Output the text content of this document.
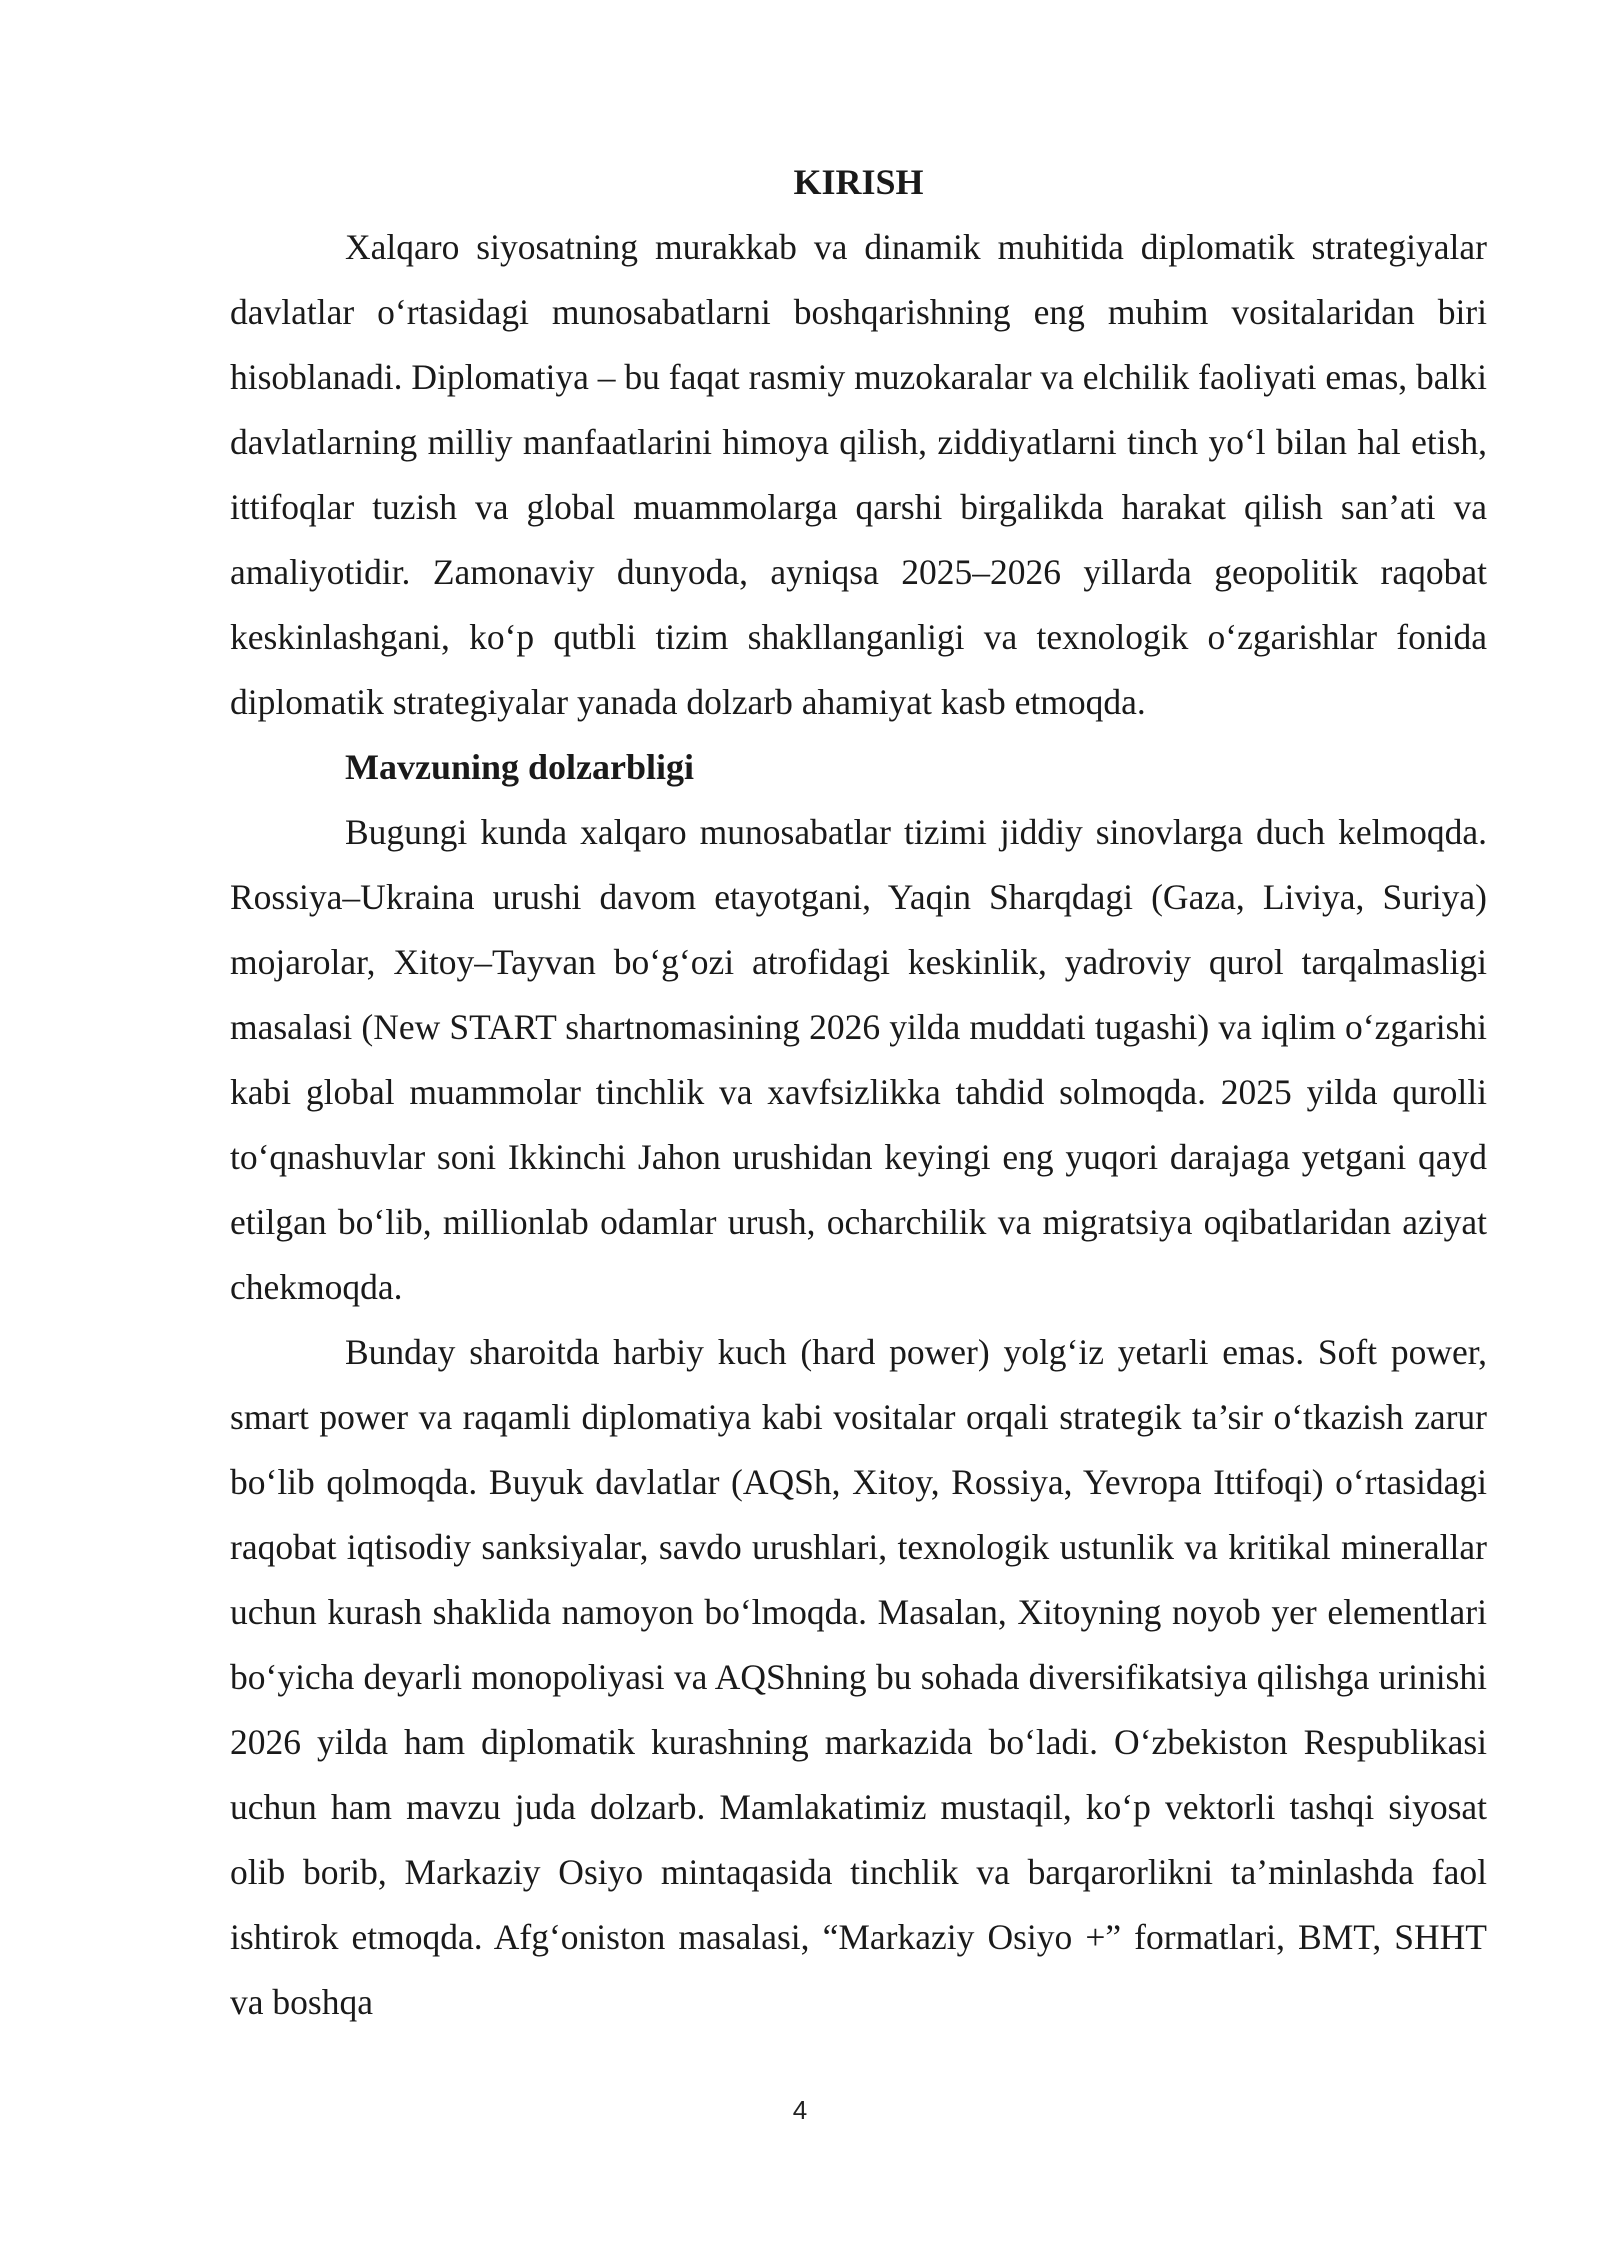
KIRISH

Xalqaro siyosatning murakkab va dinamik muhitida diplomatik strategiyalar davlatlar o‘rtasidagi munosabatlarni boshqarishning eng muhim vositalaridan biri hisoblanadi. Diplomatiya – bu faqat rasmiy muzokaralar va elchilik faoliyati emas, balki davlatlarning milliy manfaatlarini himoya qilish, ziddiyatlarni tinch yo‘l bilan hal etish, ittifoqlar tuzish va global muammolarga qarshi birgalikda harakat qilish san’ati va amaliyotidir. Zamonaviy dunyoda, ayniqsa 2025–2026 yillarda geopolitik raqobat keskinlashgani, ko‘p qutbli tizim shakllanganligi va texnologik o‘zgarishlar fonida diplomatik strategiyalar yanada dolzarb ahamiyat kasb etmoqda.

Mavzuning dolzarbligi

Bugungi kunda xalqaro munosabatlar tizimi jiddiy sinovlarga duch kelmoqda. Rossiya–Ukraina urushi davom etayotgani, Yaqin Sharqdagi (Gaza, Liviya, Suriya) mojarolar, Xitoy–Tayvan bo‘g‘ozi atrofidagi keskinlik, yadroviy qurol tarqalmasligi masalasi (New START shartnomasining 2026 yilda muddati tugashi) va iqlim o‘zgarishi kabi global muammolar tinchlik va xavfsizlikka tahdid solmoqda. 2025 yilda qurolli to‘qnashuvlar soni Ikkinchi Jahon urushidan keyingi eng yuqori darajaga yetgani qayd etilgan bo‘lib, millionlab odamlar urush, ocharchilik va migratsiya oqibatlaridan aziyat chekmoqda.

Bunday sharoitda harbiy kuch (hard power) yolg‘iz yetarli emas. Soft power, smart power va raqamli diplomatiya kabi vositalar orqali strategik ta’sir o‘tkazish zarur bo‘lib qolmoqda. Buyuk davlatlar (AQSh, Xitoy, Rossiya, Yevropa Ittifoqi) o‘rtasidagi raqobat iqtisodiy sanksiyalar, savdo urushlari, texnologik ustunlik va kritikal minerallar uchun kurash shaklida namoyon bo‘lmoqda. Masalan, Xitoyning noyob yer elementlari bo‘yicha deyarli monopoliyasi va AQShning bu sohada diversifikatsiya qilishga urinishi 2026 yilda ham diplomatik kurashning markazida bo‘ladi. O‘zbekiston Respublikasi uchun ham mavzu juda dolzarb. Mamlakatimiz mustaqil, ko‘p vektorli tashqi siyosat olib borib, Markaziy Osiyo mintaqasida tinchlik va barqarorlikni ta’minlashda faol ishtirok etmoqda. Afg‘oniston masalasi, “Markaziy Osiyo +” formatlari, BMT, SHHT va boshqa

4
